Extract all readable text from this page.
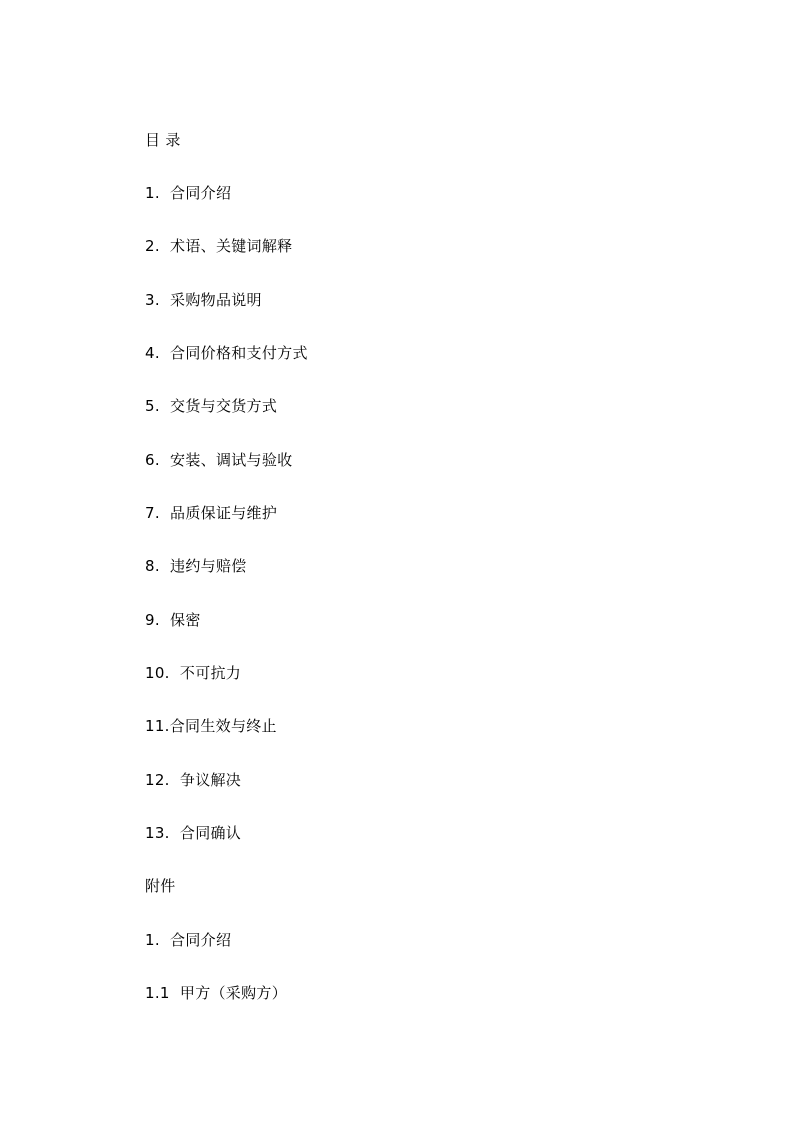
目 录
1.  合同介绍
2.  术语、关键词解释
3.  采购物品说明
4.  合同价格和支付方式
5.  交货与交货方式
6.  安装、调试与验收
7.  品质保证与维护
8.  违约与赔偿
9.  保密
10.  不可抗力
11.合同生效与终止
12.  争议解决
13.  合同确认
附件
1.  合同介绍
1.1  甲方（采购方）
